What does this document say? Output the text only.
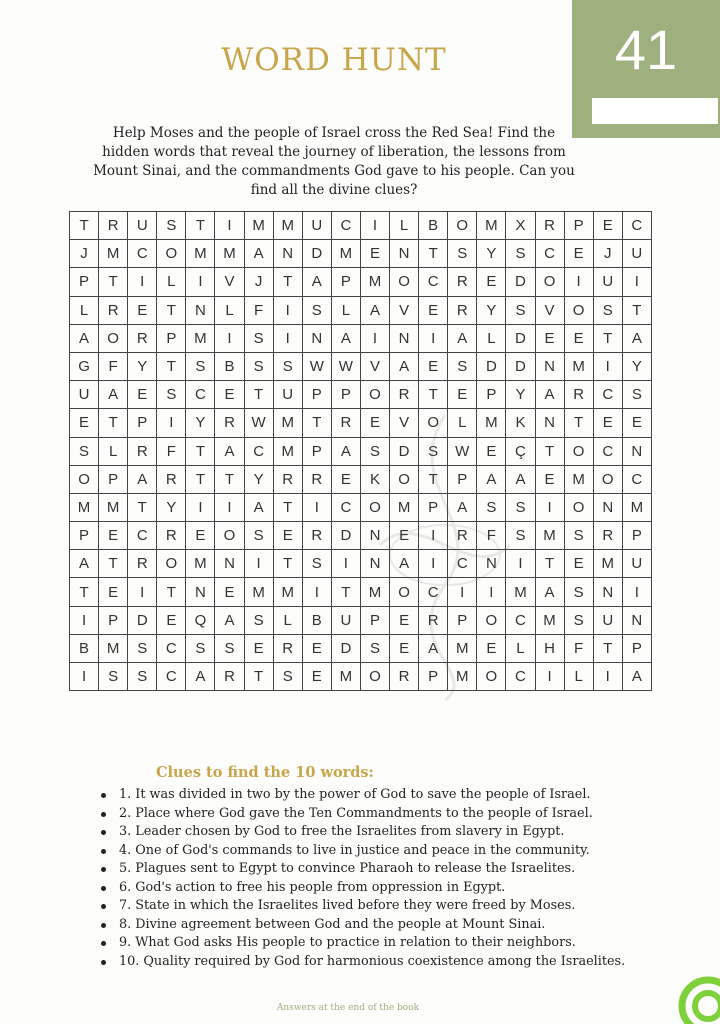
41
WORD HUNT
Help Moses and the people of Israel cross the Red Sea! Find the hidden words that reveal the journey of liberation, the lessons from Mount Sinai, and the commandments God gave to his people. Can you find all the divine clues?
T	R	U	S	T	I	M	M	U	C	I	L	B	O	M	X	R	P	E	C
J	M	C	O	M	M	A	N	D	M	E	N	T	S	Y	S	C	E	J	U
P	T	I	L	I	V	J	T	A	P	M	O	C	R	E	D	O	I	U	I
L	R	E	T	N	L	F	I	S	L	A	V	E	R	Y	S	V	O	S	T
A	O	R	P	M	I	S	I	N	A	I	N	I	A	L	D	E	E	T	A
G	F	Y	T	S	B	S	S	W	W	V	A	E	S	D	D	N	M	I	Y
U	A	E	S	C	E	T	U	P	P	O	R	T	E	P	Y	A	R	C	S
E	T	P	I	Y	R	W	M	T	R	E	V	O	L	M	K	N	T	E	E
S	L	R	F	T	A	C	M	P	A	S	D	S	W	E	Ç	T	O	C	N
O	P	A	R	T	T	Y	R	R	E	K	O	T	P	A	A	E	M	O	C
M	M	T	Y	I	I	A	T	I	C	O	M	P	A	S	S	I	O	N	M
P	E	C	R	E	O	S	E	R	D	N	E	I	R	F	S	M	S	R	P
A	T	R	O	M	N	I	T	S	I	N	A	I	C	N	I	T	E	M	U
T	E	I	T	N	E	M	M	I	T	M	O	C	I	I	M	A	S	N	I
I	P	D	E	Q	A	S	L	B	U	P	E	R	P	O	C	M	S	U	N
B	M	S	C	S	S	E	R	E	D	S	E	A	M	E	L	H	F	T	P
I	S	S	C	A	R	T	S	E	M	O	R	P	M	O	C	I	L	I	A
Clues to find the 10 words:
1. It was divided in two by the power of God to save the people of Israel.
2. Place where God gave the Ten Commandments to the people of Israel.
3. Leader chosen by God to free the Israelites from slavery in Egypt.
4. One of God's commands to live in justice and peace in the community.
5. Plagues sent to Egypt to convince Pharaoh to release the Israelites.
6. God's action to free his people from oppression in Egypt.
7. State in which the Israelites lived before they were freed by Moses.
8. Divine agreement between God and the people at Mount Sinai.
9. What God asks His people to practice in relation to their neighbors.
10. Quality required by God for harmonious coexistence among the Israelites.
Answers at the end of the book
